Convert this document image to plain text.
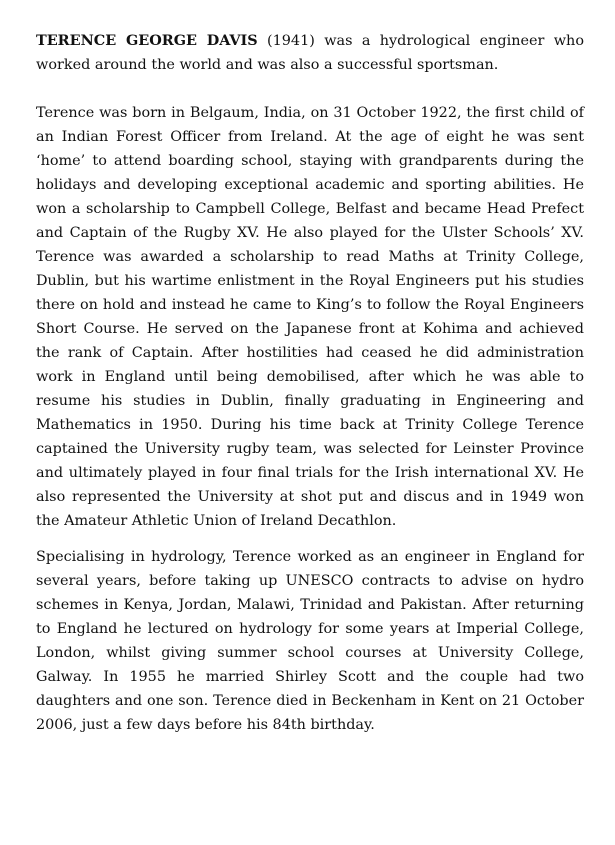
TERENCE GEORGE DAVIS (1941) was a hydrological engineer who worked around the world and was also a successful sportsman.

Terence was born in Belgaum, India, on 31 October 1922, the first child of an Indian Forest Officer from Ireland. At the age of eight he was sent ‘home’ to attend boarding school, staying with grandparents during the holidays and developing exceptional academic and sporting abilities. He won a scholarship to Campbell College, Belfast and became Head Prefect and Captain of the Rugby XV. He also played for the Ulster Schools’ XV. Terence was awarded a scholarship to read Maths at Trinity College, Dublin, but his wartime enlistment in the Royal Engineers put his studies there on hold and instead he came to King’s to follow the Royal Engineers Short Course. He served on the Japanese front at Kohima and achieved the rank of Captain. After hostilities had ceased he did administration work in England until being demobilised, after which he was able to resume his studies in Dublin, finally graduating in Engineering and Mathematics in 1950. During his time back at Trinity College Terence captained the University rugby team, was selected for Leinster Province and ultimately played in four final trials for the Irish international XV. He also represented the University at shot put and discus and in 1949 won the Amateur Athletic Union of Ireland Decathlon.

Specialising in hydrology, Terence worked as an engineer in England for several years, before taking up UNESCO contracts to advise on hydro schemes in Kenya, Jordan, Malawi, Trinidad and Pakistan. After returning to England he lectured on hydrology for some years at Imperial College, London, whilst giving summer school courses at University College, Galway. In 1955 he married Shirley Scott and the couple had two daughters and one son. Terence died in Beckenham in Kent on 21 October 2006, just a few days before his 84th birthday.
